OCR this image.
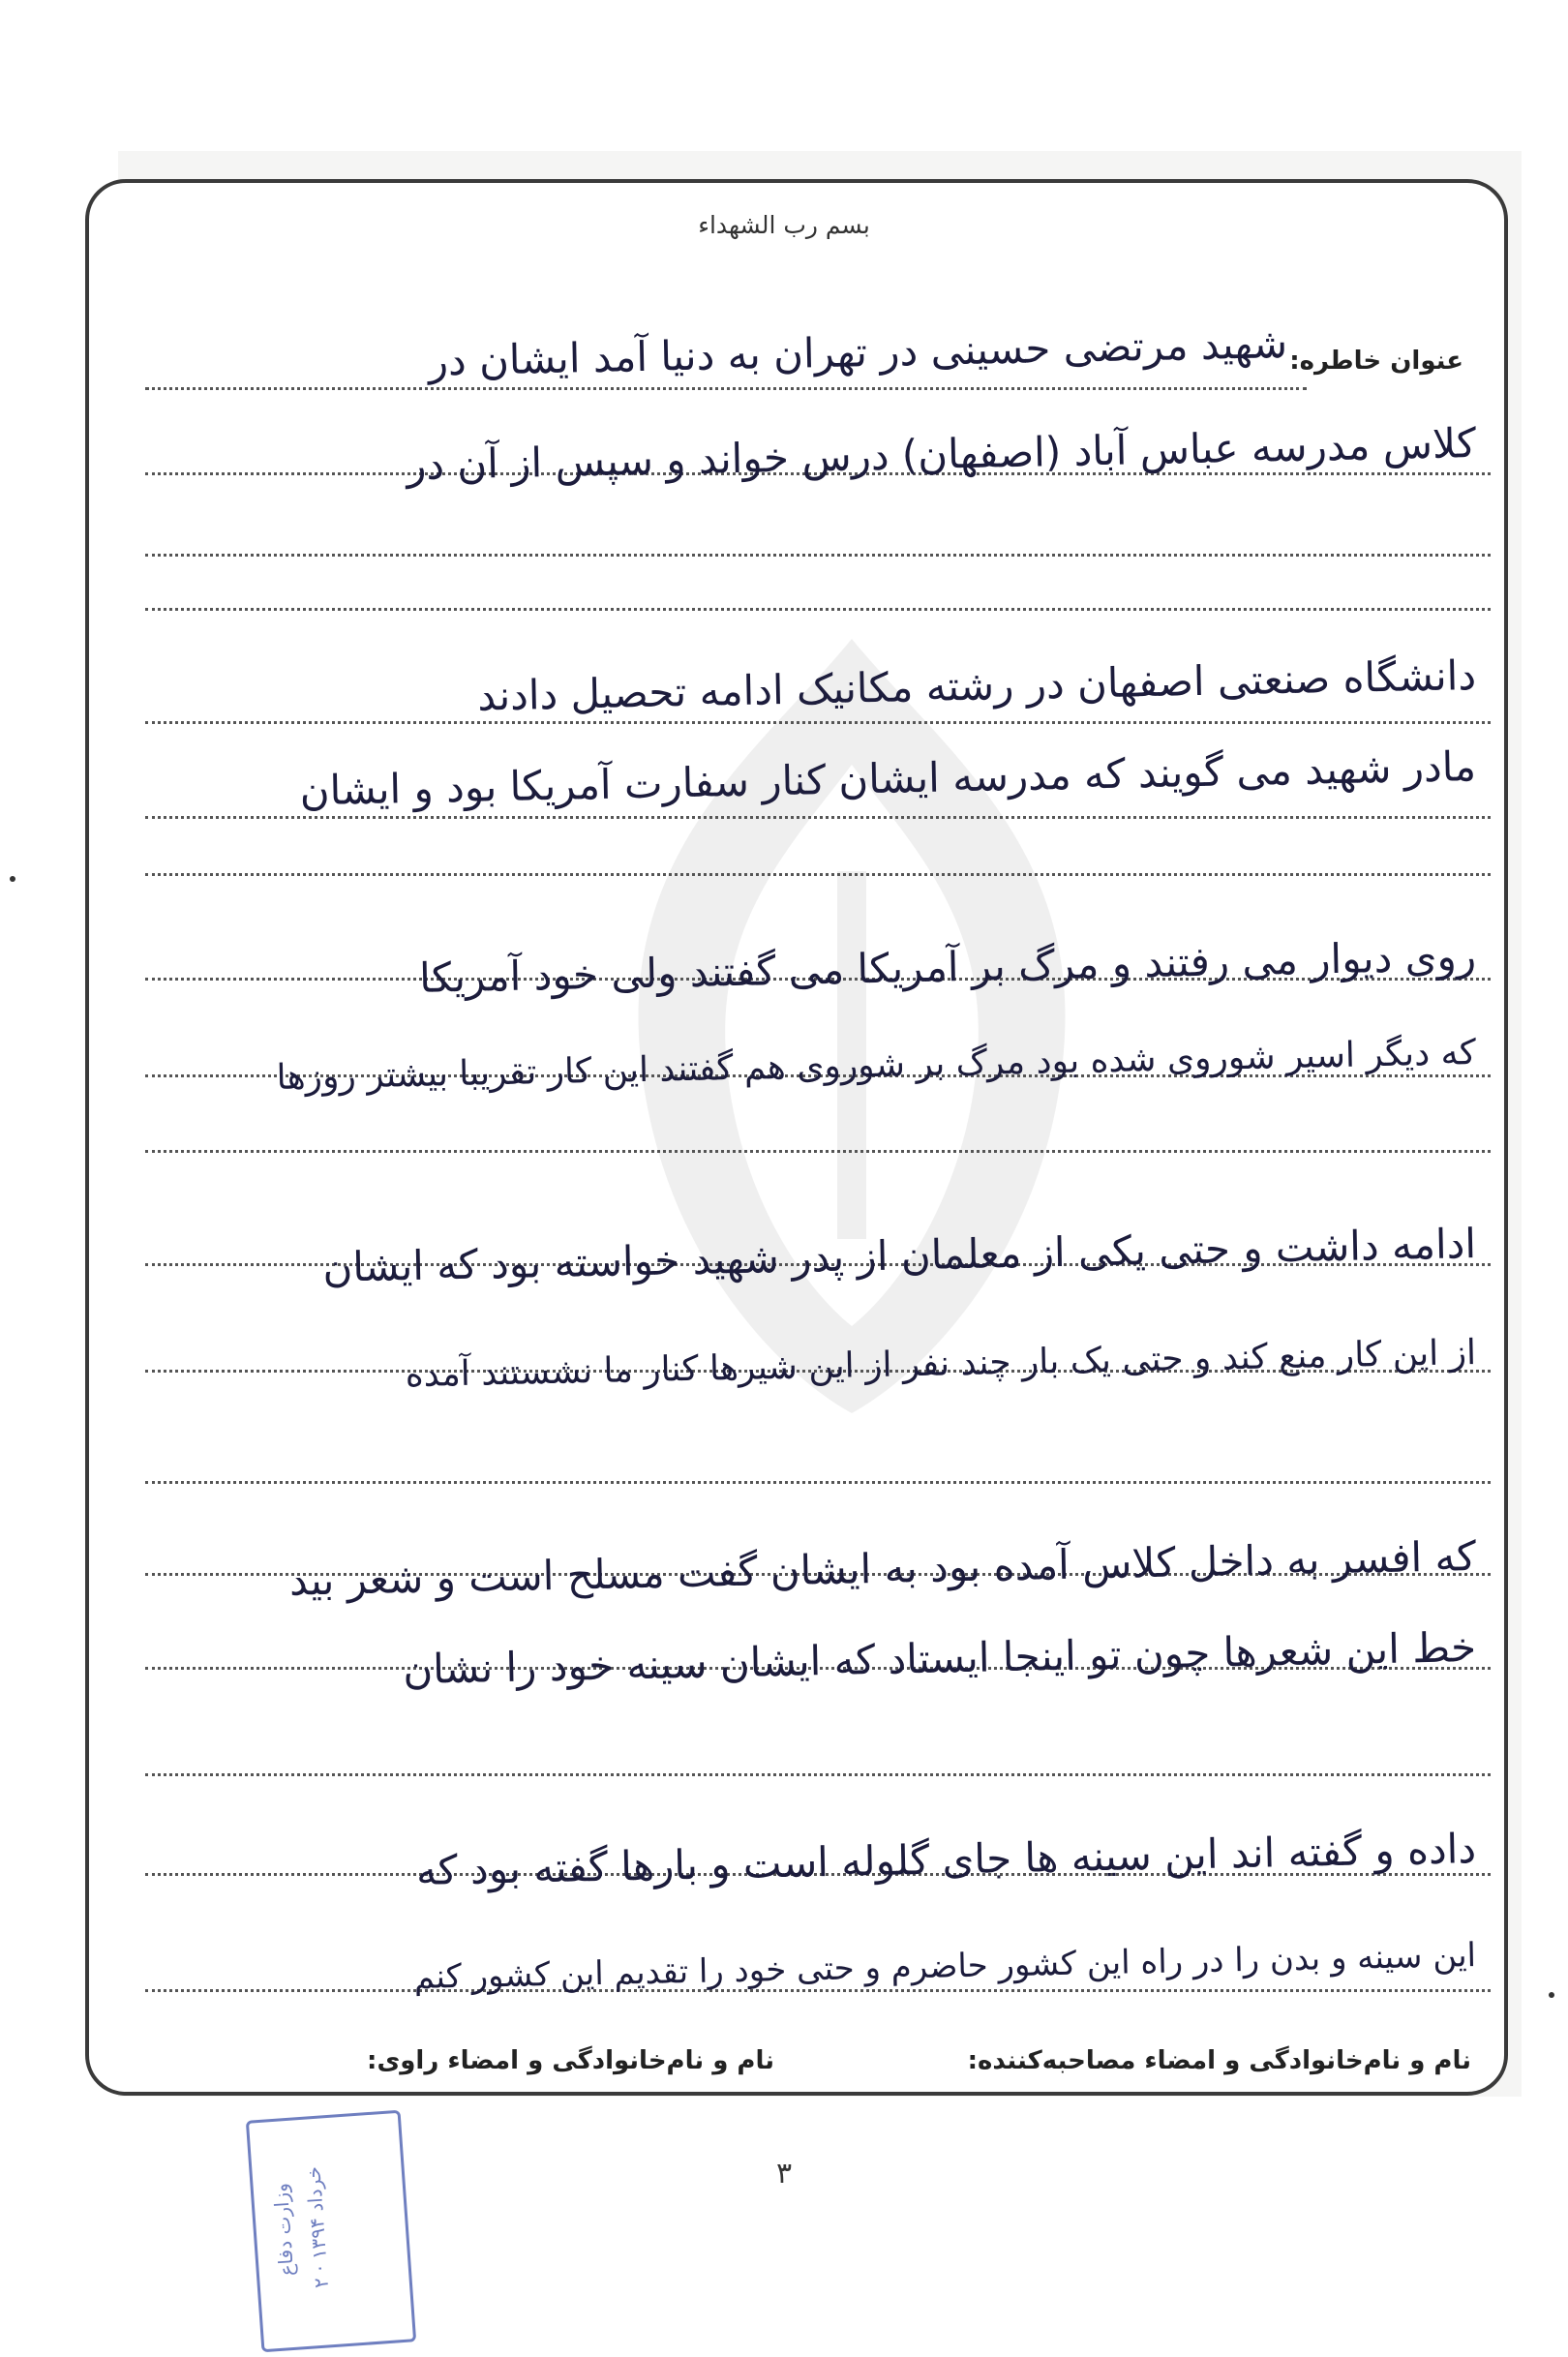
بسم رب الشهداء
عنوان خاطره:
شهید مرتضی حسینی در تهران به دنیا آمد ایشان در
کلاس مدرسه عباس آباد (اصفهان) درس خواند و سپس از آن در
دانشگاه صنعتی اصفهان در رشته مکانیک ادامه تحصیل دادند
مادر شهید می گویند که مدرسه ایشان کنار سفارت آمریکا بود و ایشان
روی دیوار می رفتند و مرگ بر آمریکا می گفتند ولی خود آمریکا
که دیگر اسیر شوروی شده بود مرگ بر شوروی هم گفتند این کار تقریبا بیشتر روزها
ادامه داشت و حتی یکی از معلمان از پدر شهید خواسته بود که ایشان
از این کار منع کند و حتی یک بار چند نفر از این شیرها کنار ما نشستند آمده
که افسر به داخل کلاس آمده بود به ایشان گفت مسلح است و شعر بید
خط این شعرها چون تو اینجا ایستاد که ایشان سینه خود را نشان
داده و گفته اند این سینه ها جای گلوله است و بارها گفته بود که
این سینه و بدن را در راه این کشور حاضرم و حتی خود را تقدیم این کشور کنم
نام و نام‌خانوادگی و امضاء مصاحبه‌کننده:
نام و نام‌خانوادگی و امضاء راوی:
۳
وزارت دفاع ۲ · خرداد ۱۳۹۴
